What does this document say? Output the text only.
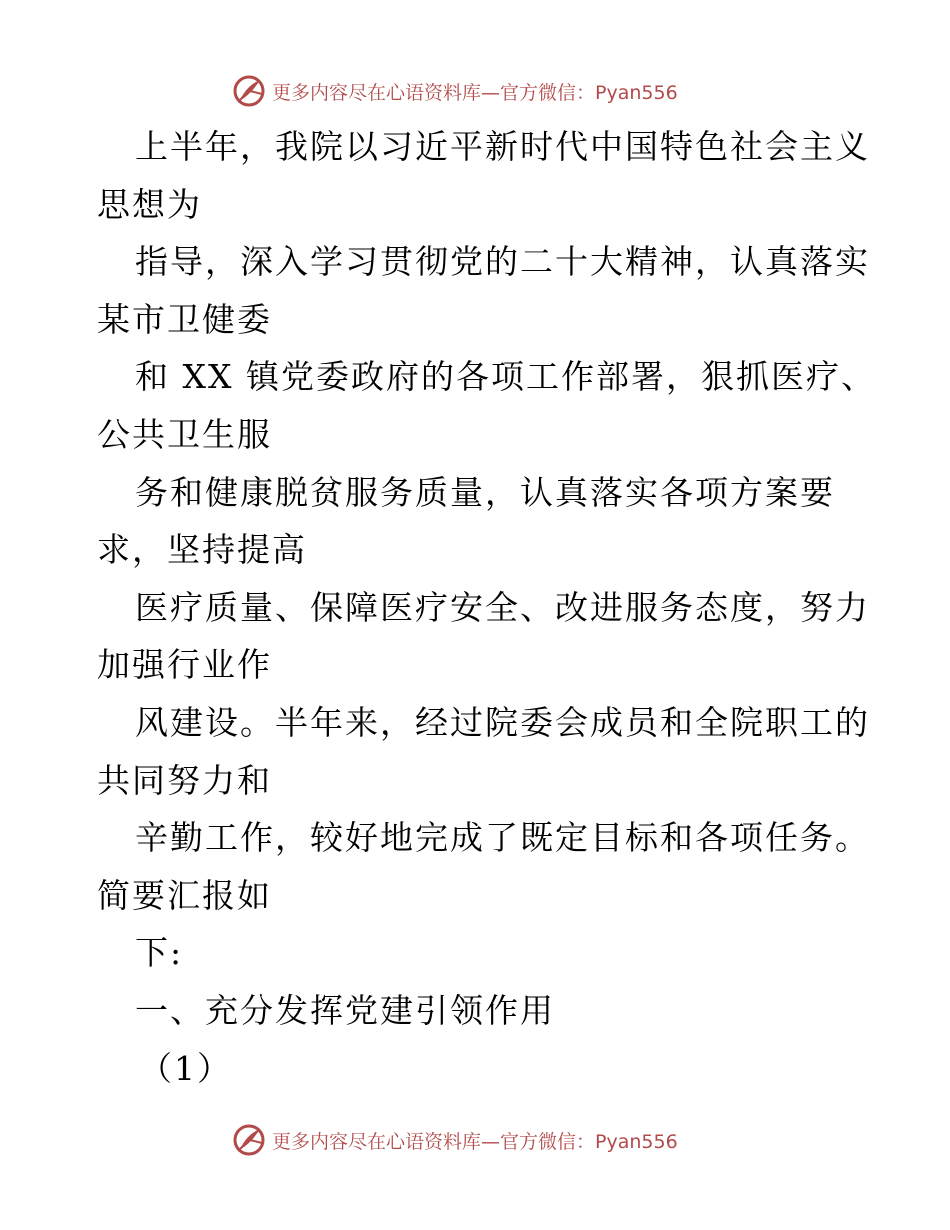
更多内容尽在心语资料库—官方微信：Pyan556
上半年，我院以习近平新时代中国特色社会主义
思想为
指导，深入学习贯彻党的二十大精神，认真落实
某市卫健委
和 XX 镇党委政府的各项工作部署，狠抓医疗、
公共卫生服
务和健康脱贫服务质量，认真落实各项方案要
求，坚持提高
医疗质量、保障医疗安全、改进服务态度，努力
加强行业作
风建设。半年来，经过院委会成员和全院职工的
共同努力和
辛勤工作，较好地完成了既定目标和各项任务。
简要汇报如
下:
一、充分发挥党建引领作用
（1）
更多内容尽在心语资料库—官方微信：Pyan556
